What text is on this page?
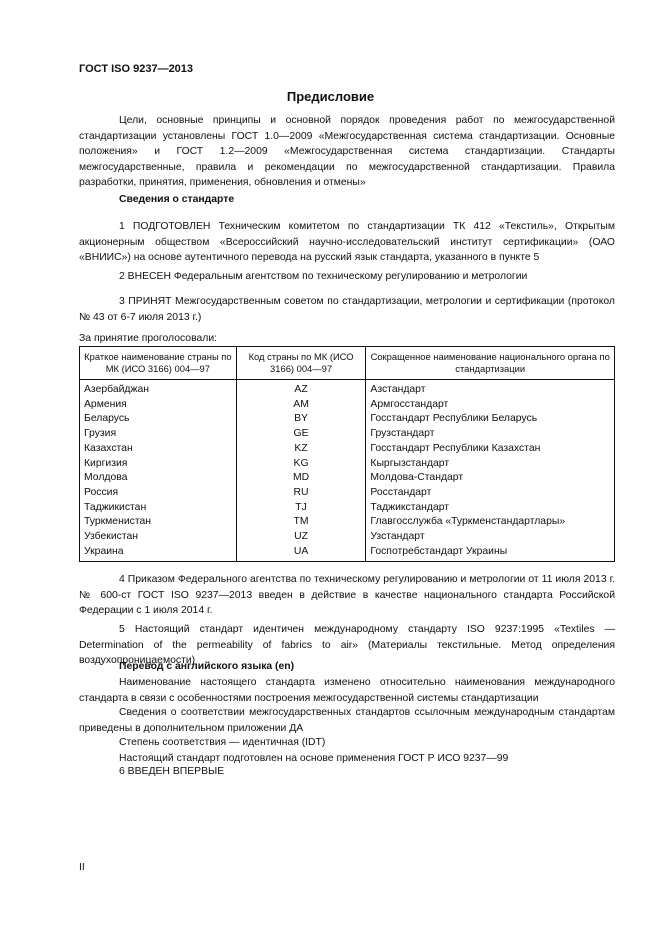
ГОСТ ISO 9237—2013
Предисловие

Цели, основные принципы и основной порядок проведения работ по межгосударственной стандартизации установлены ГОСТ 1.0—2009 «Межгосударственная система стандартизации. Основные положения» и ГОСТ 1.2—2009 «Межгосударственная система стандартизации. Стандарты межгосударственные, правила и рекомендации по межгосударственной стандартизации. Правила разработки, принятия, применения, обновления и отмены»

Сведения о стандарте

1 ПОДГОТОВЛЕН Техническим комитетом по стандартизации ТК 412 «Текстиль», Открытым акционерным обществом «Всероссийский научно-исследовательский институт сертификации» (ОАО «ВНИИС») на основе аутентичного перевода на русский язык стандарта, указанного в пункте 5

2 ВНЕСЕН Федеральным агентством по техническому регулированию и метрологии

3 ПРИНЯТ Межгосударственным советом по стандартизации, метрологии и сертификации (протокол № 43 от 6-7 июля 2013 г.)

За принятие проголосовали:
Краткое наименование страны по МК (ИСО 3166) 004—97	Код страны по МК (ИСО 3166) 004—97	Сокращенное наименование национального органа по стандартизации
Азербайджан	AZ	Азстандарт
Армения	AM	Армгосстандарт
Беларусь	BY	Госстандарт Республики Беларусь
Грузия	GE	Грузстандарт
Казахстан	KZ	Госстандарт Республики Казахстан
Киргизия	KG	Кыргызстандарт
Молдова	MD	Молдова-Стандарт
Россия	RU	Росстандарт
Таджикистан	TJ	Таджикстандарт
Туркменистан	TM	Главгосслужба «Туркменстандартлары»
Узбекистан	UZ	Узстандарт
Украина	UA	Госпотребстандарт Украины

4 Приказом Федерального агентства по техническому регулированию и метрологии от 11 июля 2013 г. № 600-ст ГОСТ ISO 9237—2013 введен в действие в качестве национального стандарта Российской Федерации с 1 июля 2014 г.

5 Настоящий стандарт идентичен международному стандарту ISO 9237:1995 «Textiles — Determination of the permeability of fabrics to air» (Материалы текстильные. Метод определения воздухопроницаемости)

Перевод с английского языка (en)

Наименование настоящего стандарта изменено относительно наименования международного стандарта в связи с особенностями построения межгосударственной системы стандартизации

Сведения о соответствии межгосударственных стандартов ссылочным международным стандартам приведены в дополнительном приложении ДА

Степень соответствия — идентичная (IDT)

Настоящий стандарт подготовлен на основе применения ГОСТ Р ИСО 9237—99

6 ВВЕДЕН ВПЕРВЫЕ

II
